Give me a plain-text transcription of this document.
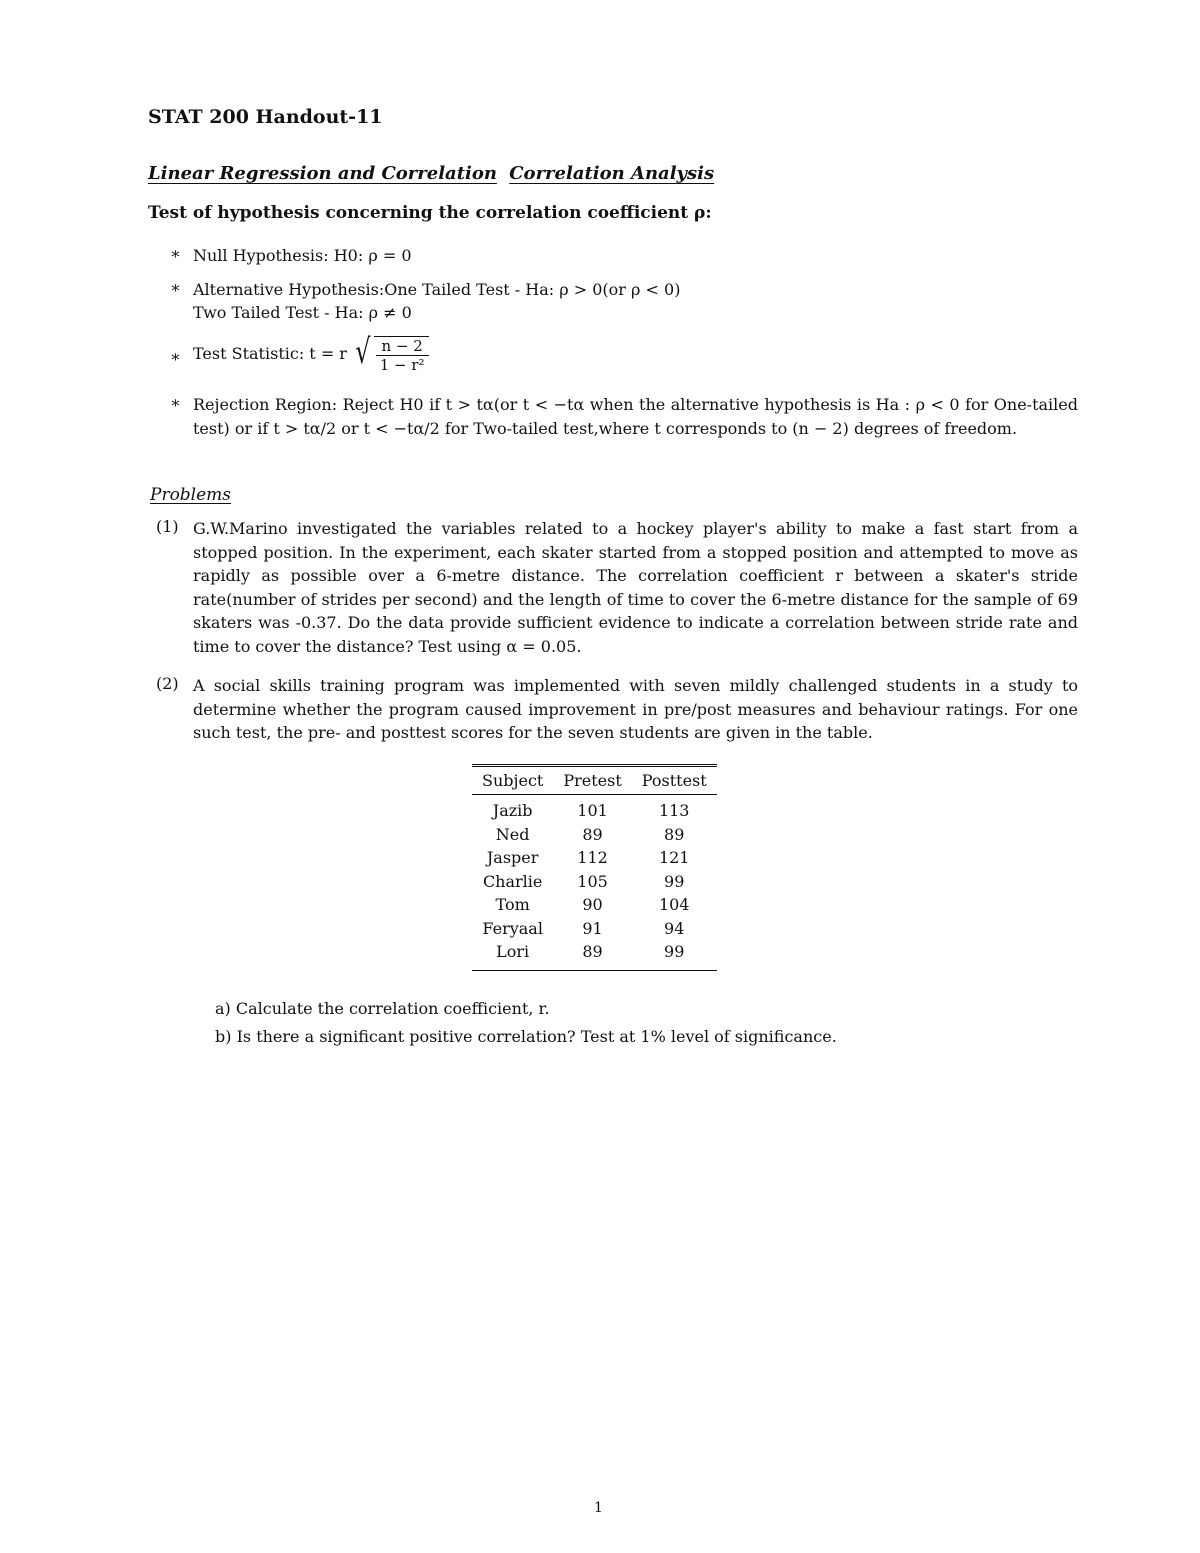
STAT 200 Handout-11
Linear Regression and Correlation Correlation Analysis
Test of hypothesis concerning the correlation coefficient ρ:
∗ Null Hypothesis: H0: ρ = 0
∗ Alternative Hypothesis:One Tailed Test - Ha: ρ > 0(or ρ < 0)
Two Tailed Test - Ha: ρ ≠ 0
∗ Test Statistic: t = r √ $\frac{n - 2}{\text{1 − r²}}$
∗ Rejection Region: Reject H0 if t > tα(or t < −tα when the alternative hypothesis is Ha : ρ < 0 for One-tailed test) or if t > tα/2 or t < −tα/2 for Two-tailed test,where t corresponds to (n − 2) degrees of freedom.
Problems
(1) G.W.Marino investigated the variables related to a hockey player's ability to make a fast start from a stopped position. In the experiment, each skater started from a stopped position and attempted to move as rapidly as possible over a 6-metre distance. The correlation coefficient r between a skater's stride rate(number of strides per second) and the length of time to cover the 6-metre distance for the sample of 69 skaters was -0.37. Do the data provide sufficient evidence to indicate a correlation between stride rate and time to cover the distance? Test using α = 0.05.
(2) A social skills training program was implemented with seven mildly challenged students in a study to determine whether the program caused improvement in pre/post measures and behaviour ratings. For one such test, the pre- and posttest scores for the seven students are given in the table.
Subject	Pretest	Posttest
Jazib	101	113
Ned	89	89
Jasper	112	121
Charlie	105	99
Tom	90	104
Feryaal	91	94
Lori	89	99
a) Calculate the correlation coefficient, r.
b) Is there a significant positive correlation? Test at 1% level of significance.
1
